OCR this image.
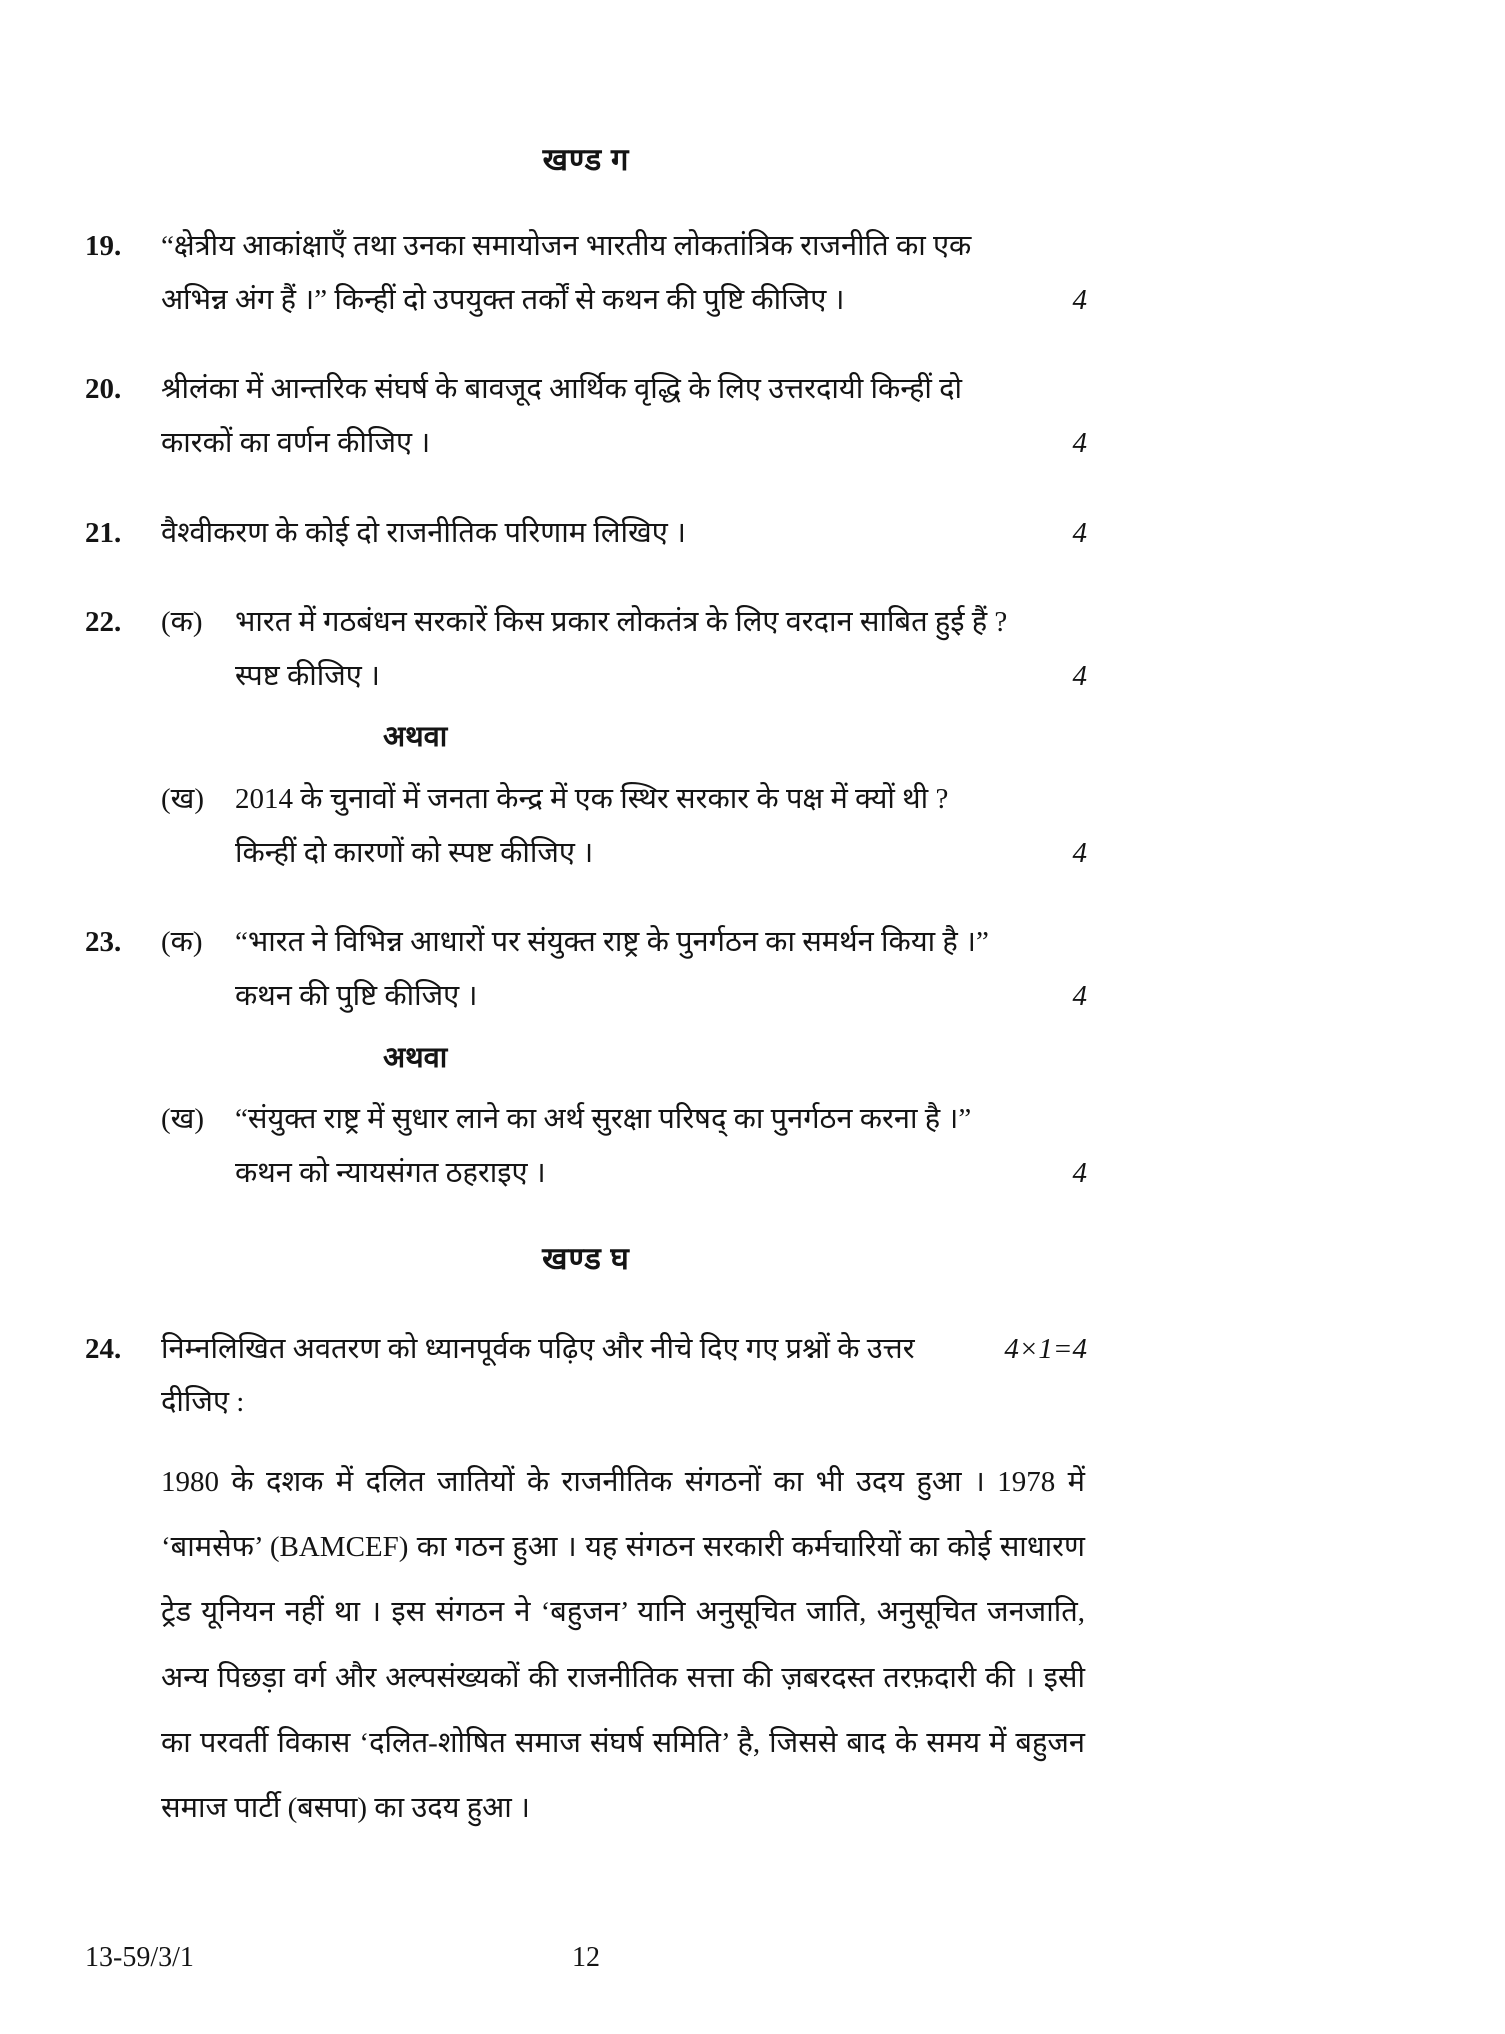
खण्ड ग
19.	“क्षेत्रीय आकांक्षाएँ तथा उनका समायोजन भारतीय लोकतांत्रिक राजनीति का एक अभिन्न अंग हैं ।” किन्हीं दो उपयुक्त तर्कों से कथन की पुष्टि कीजिए ।	4
20.	श्रीलंका में आन्तरिक संघर्ष के बावजूद आर्थिक वृद्धि के लिए उत्तरदायी किन्हीं दो कारकों का वर्णन कीजिए ।	4
21.	वैश्वीकरण के कोई दो राजनीतिक परिणाम लिखिए ।	4
22.	(क)	भारत में गठबंधन सरकारें किस प्रकार लोकतंत्र के लिए वरदान साबित हुई हैं ? स्पष्ट कीजिए ।	4
अथवा
(ख)	2014 के चुनावों में जनता केन्द्र में एक स्थिर सरकार के पक्ष में क्यों थी ? किन्हीं दो कारणों को स्पष्ट कीजिए ।	4
23.	(क)	“भारत ने विभिन्न आधारों पर संयुक्त राष्ट्र के पुनर्गठन का समर्थन किया है ।” कथन की पुष्टि कीजिए ।	4
अथवा
(ख)	“संयुक्त राष्ट्र में सुधार लाने का अर्थ सुरक्षा परिषद् का पुनर्गठन करना है ।” कथन को न्यायसंगत ठहराइए ।	4
खण्ड घ
24.	निम्नलिखित अवतरण को ध्यानपूर्वक पढ़िए और नीचे दिए गए प्रश्नों के उत्तर दीजिए :
4×1=4
1980 के दशक में दलित जातियों के राजनीतिक संगठनों का भी उदय हुआ । 1978 में ‘बामसेफ’ (BAMCEF) का गठन हुआ । यह संगठन सरकारी कर्मचारियों का कोई साधारण ट्रेड यूनियन नहीं था । इस संगठन ने ‘बहुजन’ यानि अनुसूचित जाति, अनुसूचित जनजाति, अन्य पिछड़ा वर्ग और अल्पसंख्यकों की राजनीतिक सत्ता की ज़बरदस्त तरफ़दारी की । इसी का परवर्ती विकास ‘दलित-शोषित समाज संघर्ष समिति’ है, जिससे बाद के समय में बहुजन समाज पार्टी (बसपा) का उदय हुआ ।
13-59/3/1	12
